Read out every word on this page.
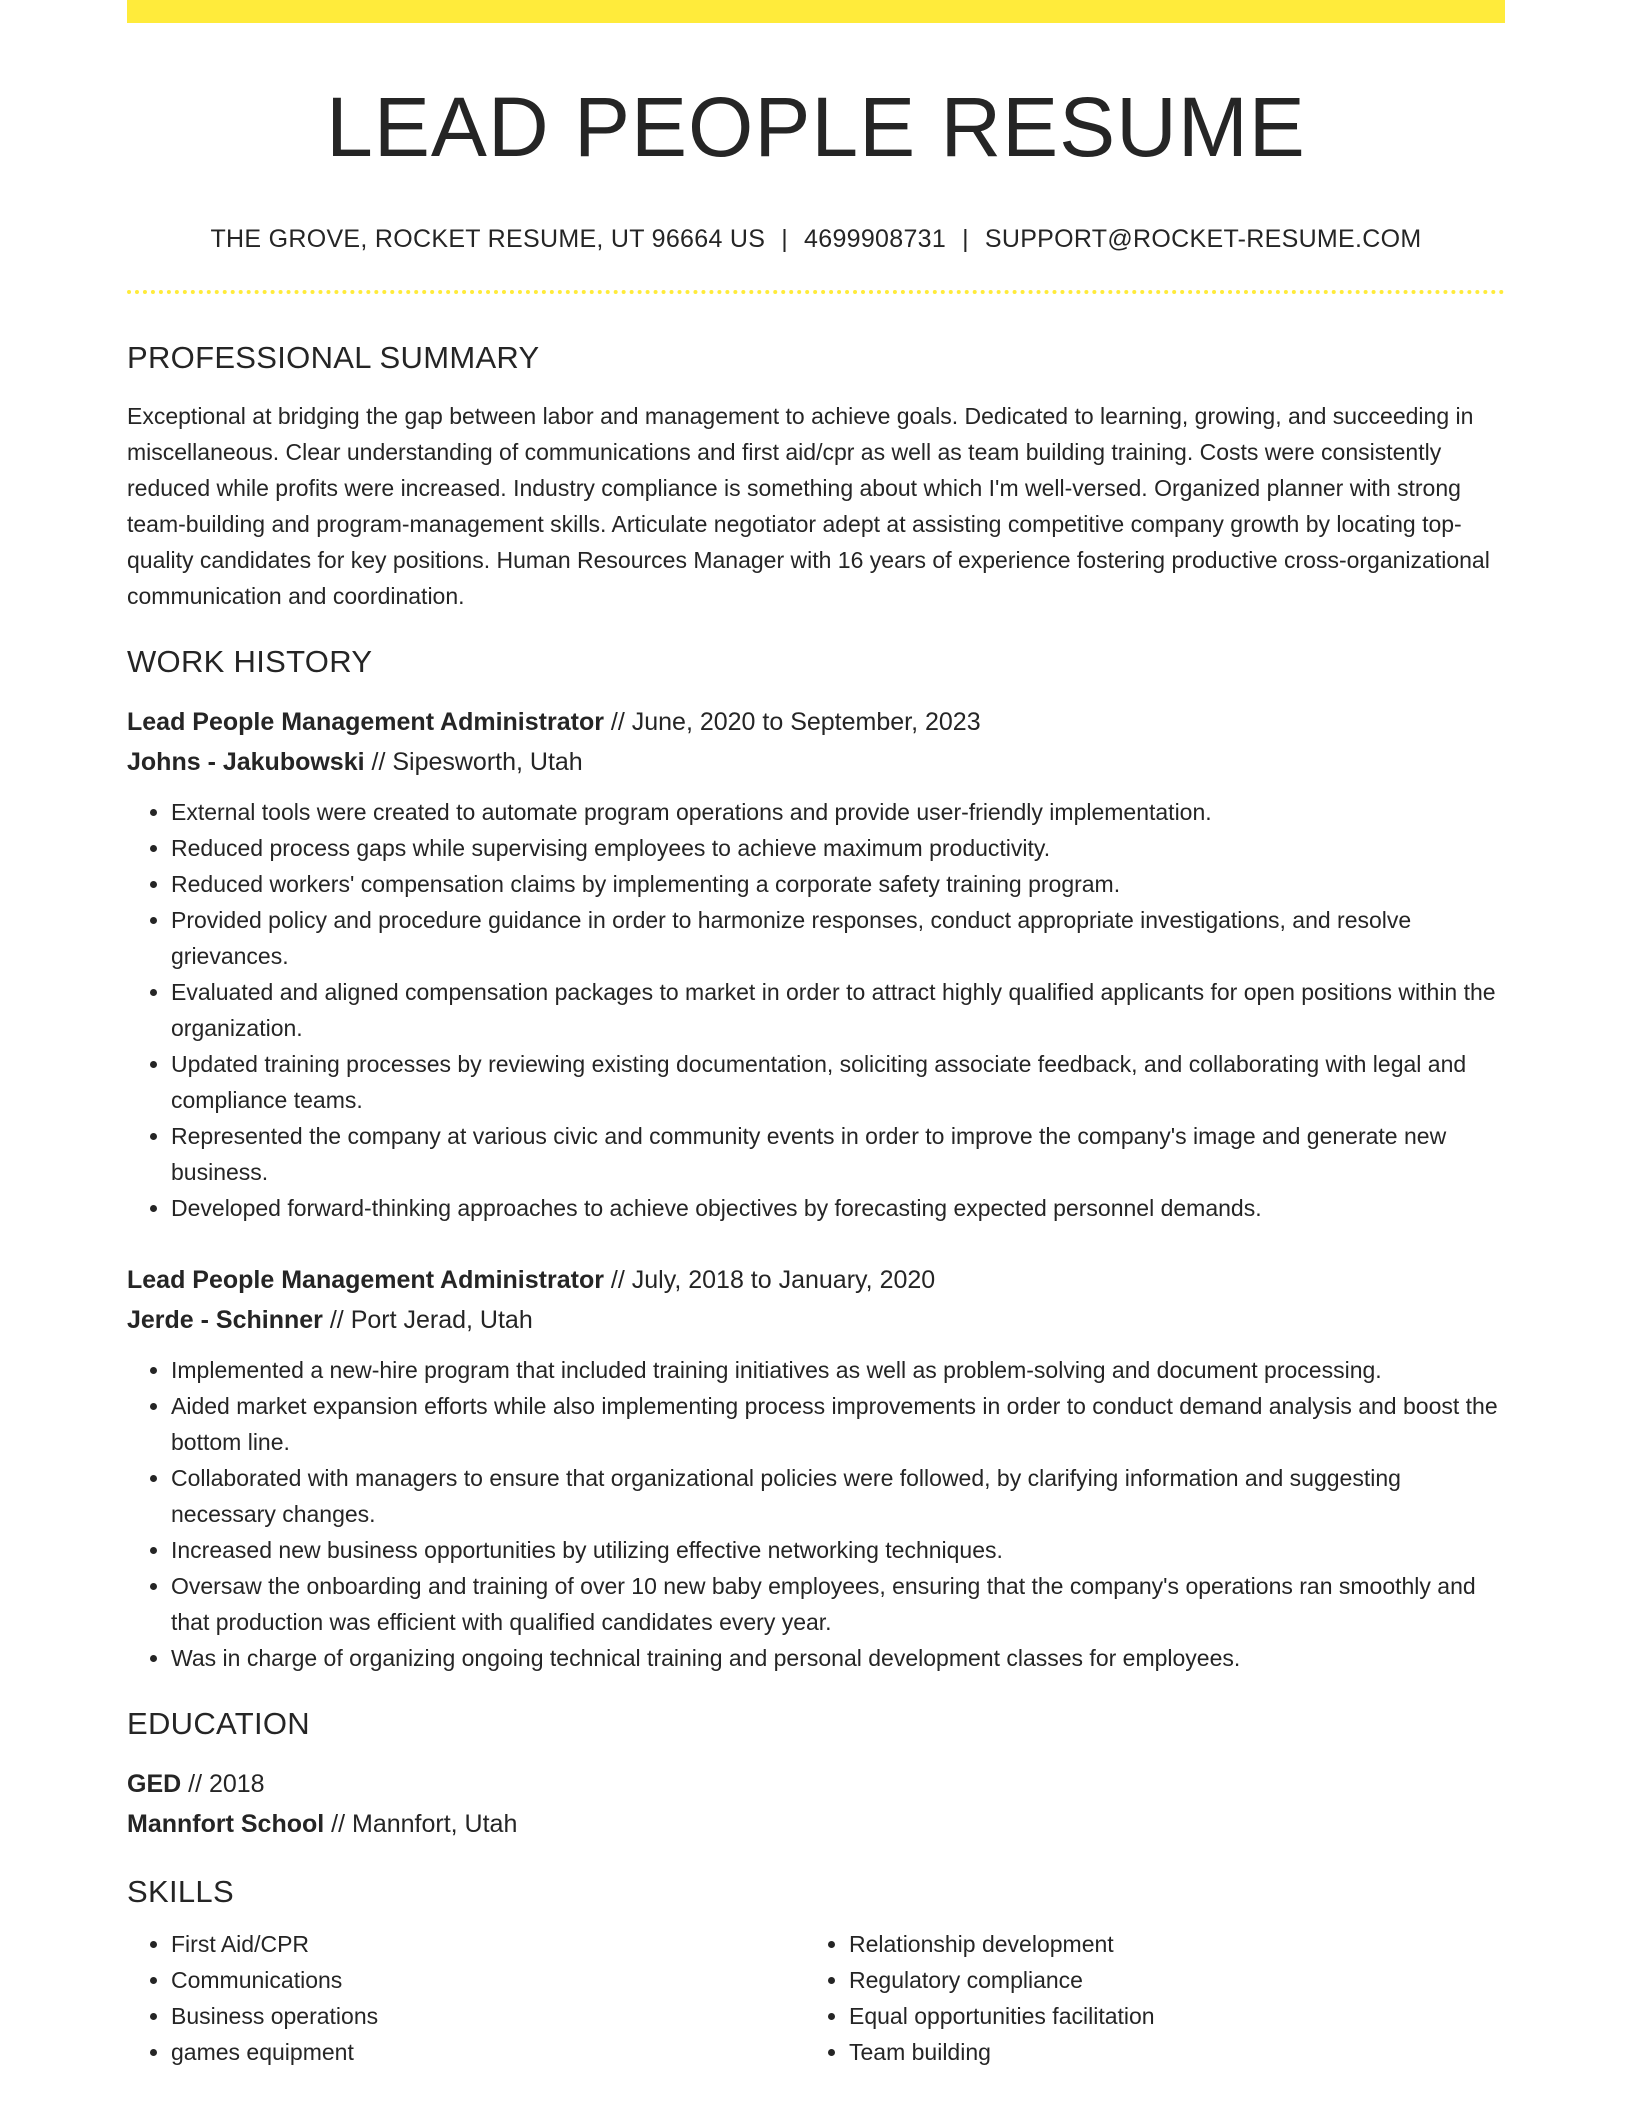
LEAD PEOPLE RESUME
THE GROVE, ROCKET RESUME, UT 96664 US | 4699908731 | SUPPORT@ROCKET-RESUME.COM
PROFESSIONAL SUMMARY

Exceptional at bridging the gap between labor and management to achieve goals. Dedicated to learning, growing, and succeeding in miscellaneous. Clear understanding of communications and first aid/cpr as well as team building training. Costs were consistently reduced while profits were increased. Industry compliance is something about which I'm well-versed. Organized planner with strong team-building and program-management skills. Articulate negotiator adept at assisting competitive company growth by locating top-quality candidates for key positions. Human Resources Manager with 16 years of experience fostering productive cross-organizational communication and coordination.

WORK HISTORY
Lead People Management Administrator // June, 2020 to September, 2023
Johns - Jakubowski // Sipesworth, Utah
• External tools were created to automate program operations and provide user-friendly implementation.
• Reduced process gaps while supervising employees to achieve maximum productivity.
• Reduced workers' compensation claims by implementing a corporate safety training program.
• Provided policy and procedure guidance in order to harmonize responses, conduct appropriate investigations, and resolve grievances.
• Evaluated and aligned compensation packages to market in order to attract highly qualified applicants for open positions within the organization.
• Updated training processes by reviewing existing documentation, soliciting associate feedback, and collaborating with legal and compliance teams.
• Represented the company at various civic and community events in order to improve the company's image and generate new business.
• Developed forward-thinking approaches to achieve objectives by forecasting expected personnel demands.
Lead People Management Administrator // July, 2018 to January, 2020
Jerde - Schinner // Port Jerad, Utah
• Implemented a new-hire program that included training initiatives as well as problem-solving and document processing.
• Aided market expansion efforts while also implementing process improvements in order to conduct demand analysis and boost the bottom line.
• Collaborated with managers to ensure that organizational policies were followed, by clarifying information and suggesting necessary changes.
• Increased new business opportunities by utilizing effective networking techniques.
• Oversaw the onboarding and training of over 10 new baby employees, ensuring that the company's operations ran smoothly and that production was efficient with qualified candidates every year.
• Was in charge of organizing ongoing technical training and personal development classes for employees.
EDUCATION
GED // 2018
Mannfort School // Mannfort, Utah
SKILLS
• First Aid/CPR
• Communications
• Business operations
• games equipment
• Relationship development
• Regulatory compliance
• Equal opportunities facilitation
• Team building
